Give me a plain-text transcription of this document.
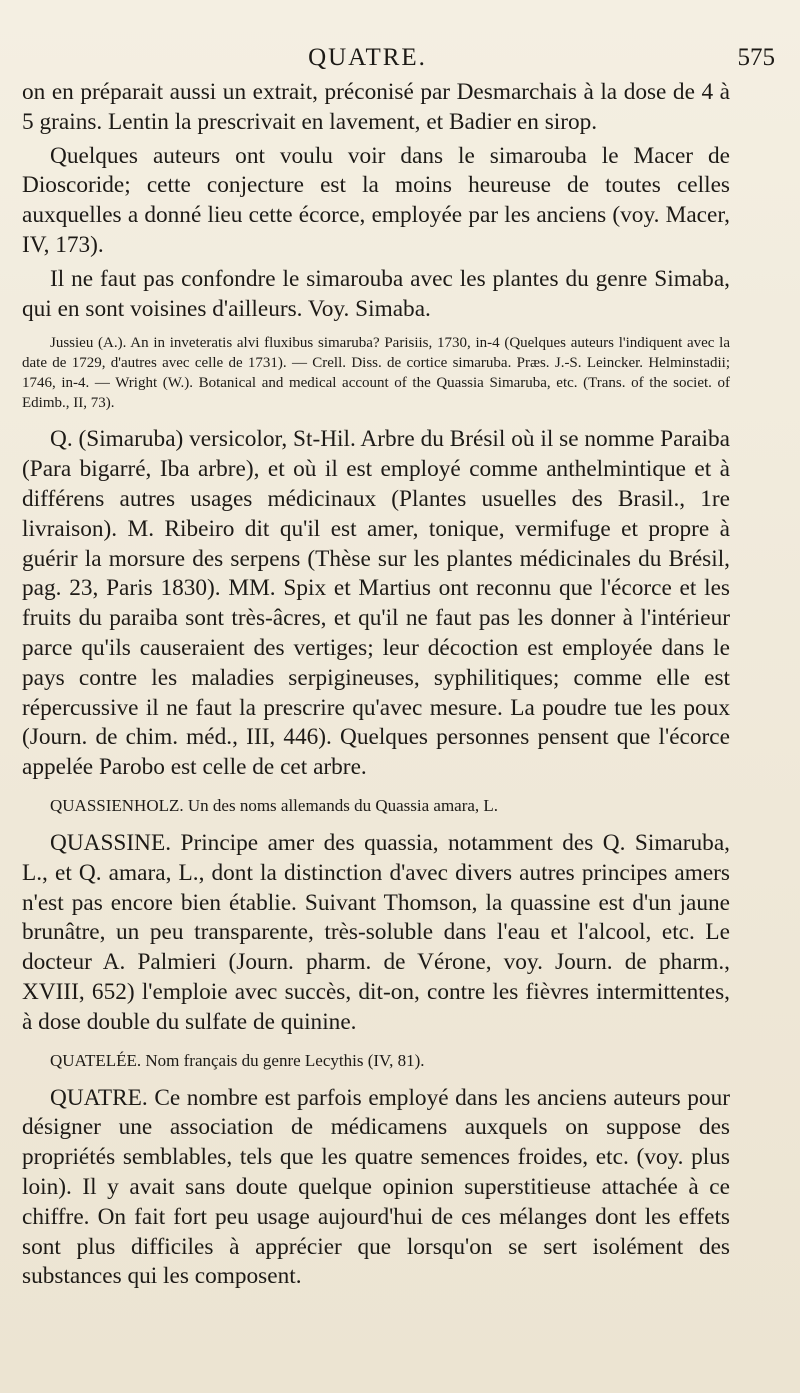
QUATRE.	575

on en préparait aussi un extrait, préconisé par Desmarchais à la dose de 4 à 5 grains. Lentin la prescrivait en lavement, et Badier en sirop.

Quelques auteurs ont voulu voir dans le simarouba le Macer de Dioscoride; cette conjecture est la moins heureuse de toutes celles auxquelles a donné lieu cette écorce, employée par les anciens (voy. Macer, IV, 173).

Il ne faut pas confondre le simarouba avec les plantes du genre Simaba, qui en sont voisines d'ailleurs. Voy. Simaba.

Jussieu (A.). An in inveteratis alvi fluxibus simaruba? Parisiis, 1730, in-4 (Quelques auteurs l'indiquent avec la date de 1729, d'autres avec celle de 1731). — Crell. Diss. de cortice simaruba. Præs. J.-S. Leincker. Helminstadii; 1746, in-4. — Wright (W.). Botanical and medical account of the Quassia Simaruba, etc. (Trans. of the societ. of Edimb., II, 73).

Q. (Simaruba) versicolor, St-Hil. Arbre du Brésil où il se nomme Paraiba (Para bigarré, Iba arbre), et où il est employé comme anthelmintique et à différens autres usages médicinaux (Plantes usuelles des Brasil., 1re livraison). M. Ribeiro dit qu'il est amer, tonique, vermifuge et propre à guérir la morsure des serpens (Thèse sur les plantes médicinales du Brésil, pag. 23, Paris 1830). MM. Spix et Martius ont reconnu que l'écorce et les fruits du paraiba sont très-âcres, et qu'il ne faut pas les donner à l'intérieur parce qu'ils causeraient des vertiges; leur décoction est employée dans le pays contre les maladies serpigineuses, syphilitiques; comme elle est répercussive il ne faut la prescrire qu'avec mesure. La poudre tue les poux (Journ. de chim. méd., III, 446). Quelques personnes pensent que l'écorce appelée Parobo est celle de cet arbre.

QUASSIENHOLZ. Un des noms allemands du Quassia amara, L.

QUASSINE. Principe amer des quassia, notamment des Q. Simaruba, L., et Q. amara, L., dont la distinction d'avec divers autres principes amers n'est pas encore bien établie. Suivant Thomson, la quassine est d'un jaune brunâtre, un peu transparente, très-soluble dans l'eau et l'alcool, etc. Le docteur A. Palmieri (Journ. pharm. de Vérone, voy. Journ. de pharm., XVIII, 652) l'emploie avec succès, dit-on, contre les fièvres intermittentes, à dose double du sulfate de quinine.

QUATELÉE. Nom français du genre Lecythis (IV, 81).

QUATRE. Ce nombre est parfois employé dans les anciens auteurs pour désigner une association de médicamens auxquels on suppose des propriétés semblables, tels que les quatre semences froides, etc. (voy. plus loin). Il y avait sans doute quelque opinion superstitieuse attachée à ce chiffre. On fait fort peu usage aujourd'hui de ces mélanges dont les effets sont plus difficiles à apprécier que lorsqu'on se sert isolément des substances qui les composent.
